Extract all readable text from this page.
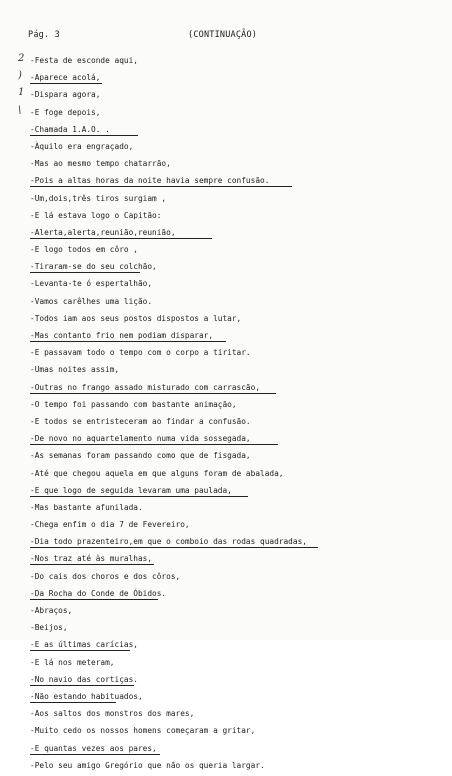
Pág. 3	(CONTINUAÇÃO)
2 -Festa de esconde aqui,
) -Aparece acolá,
1 -Dispara agora,
\ -E foge depois,
-Chamada 1.A.O. .
-Àquilo era engraçado,
-Mas ao mesmo tempo chatarrão,
-Pois a altas horas da noite havia sempre confusão.
-Um,dois,três tiros surgiam ,
-E lá estava logo o Capitão:
-Alerta,alerta,reunião,reunião,
-E logo todos em côro ,
-Tiraram-se do seu colchão,
-Levanta-te ó espertalhão,
-Vamos carêlhes uma lição.
-Todos iam aos seus postos dispostos a lutar,
-Mas contanto frio nem podiam disparar,
-E passavam todo o tempo com o corpo a tiritar.
-Umas noites assim,
-Outras no frango assado misturado com carrascão,
-O tempo foi passando com bastante animação,
-E todos se entristeceram ao findar a confusão.
-De novo no aquartelamento numa vida sossegada,
-As semanas foram passando como que de fisgada,
-Até que chegou aquela em que alguns foram de abalada,
-E que logo de seguida levaram uma paulada,
-Mas bastante afunilada.
-Chega enfim o dia 7 de Fevereiro,
-Dia todo prazenteiro,em que o comboio das rodas quadradas,
-Nos traz até às muralhas,
-Do cais dos choros e dos côros,
-Da Rocha do Conde de Óbidos.
-Abraços,
-Beijos,
-E as últimas carícias,
-E lá nos meteram,
-No navio das cortiças.
-Não estando habituados,
-Aos saltos dos monstros dos mares,
-Muito cedo os nossos homens começaram a gritar,
-E quantas vezes aos pares,
-Pelo seu amigo Gregório que não os queria largar.
